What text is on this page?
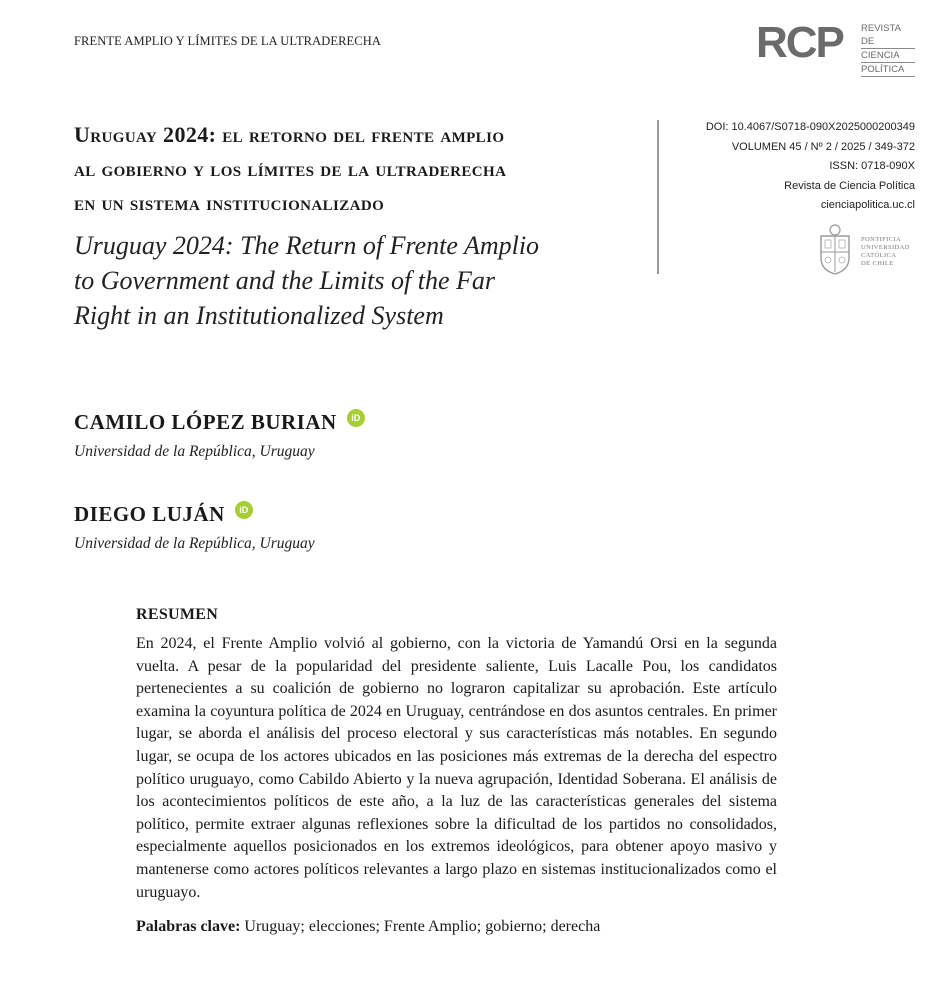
FRENTE AMPLIO Y LÍMITES DE LA ULTRADERECHA	RCP REVISTA DE
CIENCIA
POLÍTICA
Uruguay 2024: el retorno del frente amplio
al gobierno y los límites de la ultraderecha
en un sistema institucionalizado
Uruguay 2024: The Return of Frente Amplio
to Government and the Limits of the Far
Right in an Institutionalized System
DOI: 10.4067/S0718-090X2025000200349
VOLUMEN 45 / Nº 2 / 2025 / 349-372
ISSN: 0718-090X
Revista de Ciencia Política
cienciapolitica.uc.cl
PONTIFICIA
UNIVERSIDAD
CATÓLICA
DE CHILE
CAMILO LÓPEZ BURIAN iD
Universidad de la República, Uruguay
DIEGO LUJÁN iD
Universidad de la República, Uruguay
RESUMEN
En 2024, el Frente Amplio volvió al gobierno, con la victoria de Yamandú Orsi en la segunda vuelta. A pesar de la popularidad del presidente saliente, Luis Lacalle Pou, los candidatos pertenecientes a su coalición de gobierno no lograron capitalizar su aprobación. Este artículo examina la coyuntura política de 2024 en Uruguay, centrándose en dos asuntos centrales. En primer lugar, se aborda el análisis del proceso electoral y sus características más notables. En segundo lugar, se ocupa de los actores ubicados en las posiciones más extremas de la derecha del espectro político uruguayo, como Cabildo Abierto y la nueva agrupación, Identidad Soberana. El análisis de los acontecimientos políticos de este año, a la luz de las características generales del sistema político, permite extraer algunas reflexiones sobre la dificultad de los partidos no consolidados, especialmente aquellos posicionados en los extremos ideológicos, para obtener apoyo masivo y mantenerse como actores políticos relevantes a largo plazo en sistemas institucionalizados como el uruguayo.
Palabras clave: Uruguay; elecciones; Frente Amplio; gobierno; derecha
